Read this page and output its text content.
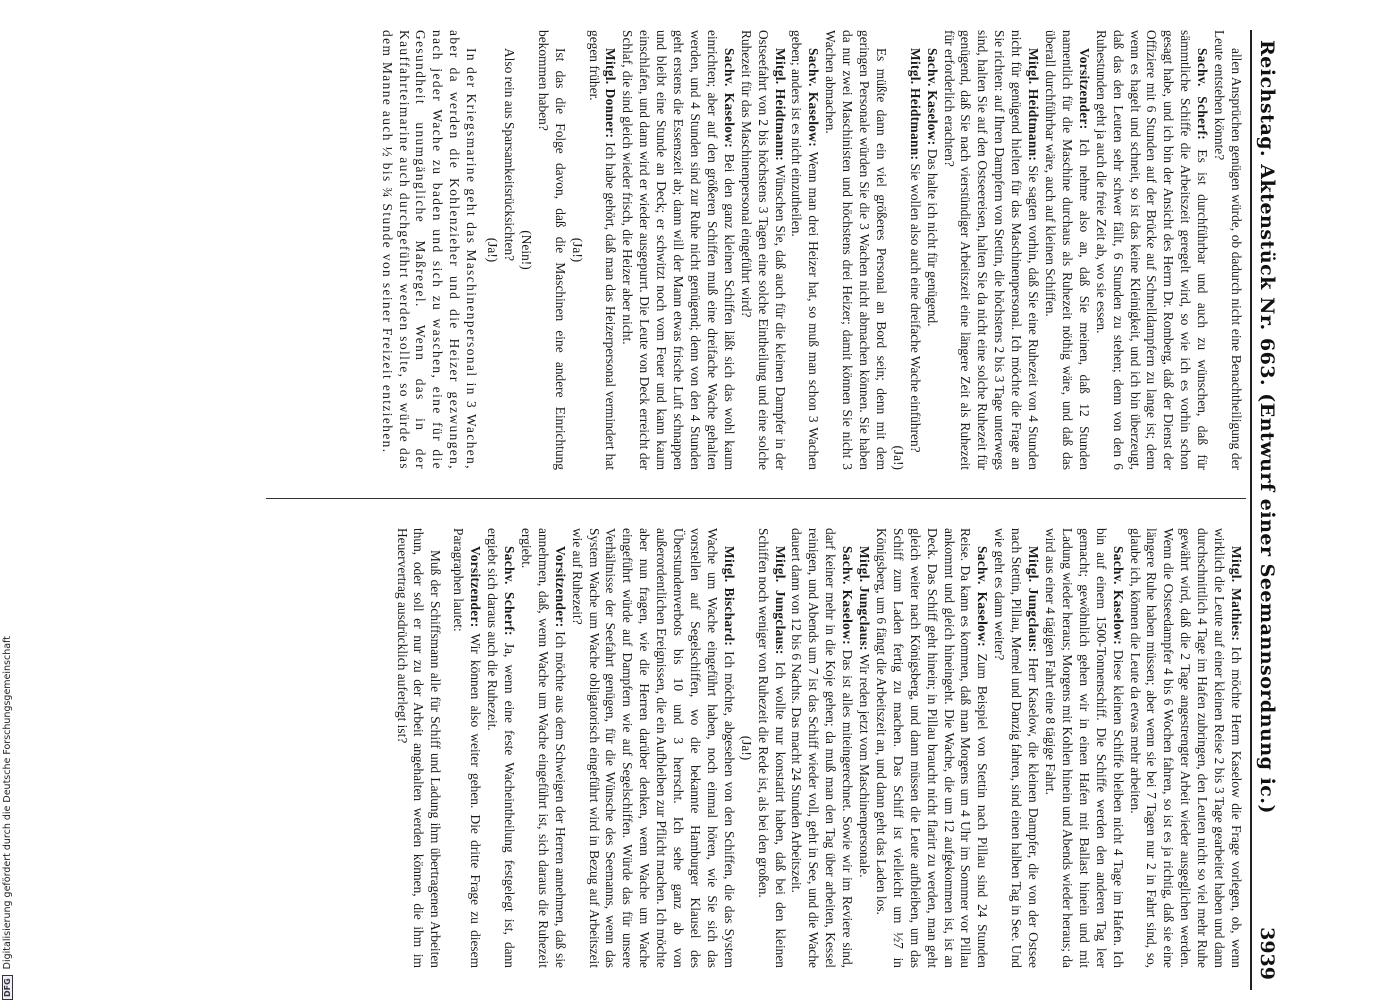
Reichstag. Aktenstück Nr. 663. (Entwurf einer Seemannsordnung ic.)
3939

allen Ansprüchen genügen würde, ob dadurch nicht eine Benachtheiligung der Leute entstehen könnte?

Sachv. Scherf: Es ist durchführbar und auch zu wünschen, daß für sämmtliche Schiffe die Arbeitszeit geregelt wird, so wie ich es vorhin schon gesagt habe, und ich bin der Ansicht des Herrn Dr. Romberg, daß der Dienst der Offiziere mit 6 Stunden auf der Brücke auf Schnelldampfern zu lange ist; denn wenn es hagelt und schneit, so ist das keine Kleinigkeit, und ich bin überzeugt, daß das den Leuten sehr schwer fällt, 6 Stunden zu stehen; denn von den 6 Ruhestunden geht ja auch die freie Zeit ab, wo sie essen.

Vorsitzender: Ich nehme also an, daß Sie meinen, daß 12 Stunden namentlich für die Maschine durchaus als Ruhezeit nöthig wäre, und daß das überall durchführbar wäre, auch auf kleinen Schiffen.

Mitgl. Heidtmann: Sie sagten vorhin, daß Sie eine Ruhezeit von 4 Stunden nicht für genügend hielten für das Maschinenpersonal. Ich möchte die Frage an Sie richten: auf Ihren Dampfern von Stettin, die höchstens 2 bis 3 Tage unterwegs sind, halten Sie auf den Ostseereisen, halten Sie da nicht eine solche Ruhezeit für genügend, daß Sie nach vierstündiger Arbeitszeit eine längere Zeit als Ruhezeit für erforderlich erachten?

Sachv. Kaselow: Das halte ich nicht für genügend.

Mitgl. Heidtmann: Sie wollen also auch eine dreifache Wache einführen?

(Ja!)

Es müßte dann ein viel größeres Personal an Bord sein; denn mit dem geringen Personale würden Sie die 3 Wachen nicht abmachen können. Sie haben da nur zwei Maschinisten und höchstens drei Heizer; damit können Sie nicht 3 Wachen abmachen.

Sachv. Kaselow: Wenn man drei Heizer hat, so muß man schon 3 Wachen geben; anders ist es nicht einzutheilen.

Mitgl. Heidtmann: Wünschen Sie, daß auch für die kleinen Dampfer in der Ostseefahrt von 2 bis höchstens 3 Tagen eine solche Eintheilung und eine solche Ruhezeit für das Maschinenpersonal eingeführt wird?

Sachv. Kaselow: Bei den ganz kleinen Schiffen läßt sich das wohl kaum einrichten; aber auf den größeren Schiffen muß eine dreifache Wache gehalten werden, und 4 Stunden sind zur Ruhe nicht genügend; denn von den 4 Stunden geht erstens die Essenszeit ab; dann will der Mann etwas frische Luft schnappen und bleibt eine Stunde an Deck; er schwitzt noch vom Feuer und kann kaum einschlafen, und dann wird er wieder ausgepurrt. Die Leute von Deck erreicht der Schlaf, die sind gleich wieder frisch, die Heizer aber nicht.

Mitgl. Donner: Ich habe gehört, daß man das Heizerpersonal vermindert hat gegen früher.

(Ja!)

Ist das die Folge davon, daß die Maschinen eine andere Einrichtung bekommen haben?

(Nein!)

Also rein aus Sparsamkeitsrücksichten?

(Ja!)

In der Kriegsmarine geht das Maschinenpersonal in 3 Wachen, aber da werden die Kohlenzieher und die Heizer gezwungen, nach jeder Wache zu baden und sich zu waschen, eine für die Gesundheit unumgängliche Maßregel. Wenn das in der Kauffahrteimarine auch durchgeführt werden sollte, so würde das dem Manne auch ½ bis ¾ Stunde von seiner Freizeit entziehen.

Mitgl. Mathies: Ich möchte Herrn Kaselow die Frage vorlegen, ob, wenn wirklich die Leute auf einer kleinen Reise 2 bis 3 Tage gearbeitet haben und dann durchschnittlich 4 Tage im Hafen zubringen, den Leuten nicht so viel mehr Ruhe gewährt wird, daß die 2 Tage angestrengter Arbeit wieder ausgeglichen werden. Wenn die Ostseedampfer 4 bis 6 Wochen fahren, so ist es ja richtig, daß sie eine längere Ruhe haben müssen; aber wenn sie bei 7 Tagen nur 2 in Fahrt sind, so, glaube ich, können die Leute da etwas mehr arbeiten.

Sachv. Kaselow: Diese kleinen Schiffe bleiben nicht 4 Tage im Hafen. Ich bin auf einem 1500-Tonnenschiff. Die Schiffe werden den anderen Tag leer gemacht; gewöhnlich gehen wir in einen Hafen mit Ballast hinein und mit Ladung wieder heraus; Morgens mit Kohlen hinein und Abends wieder heraus; da wird aus einer 4 tägigen Fahrt eine 8 tägige Fahrt.

Mitgl. Jungclaus: Herr Kaselow, die kleinen Dampfer, die von der Ostsee nach Stettin, Pillau, Memel und Danzig fahren, sind einen halben Tag in See. Und wie geht es dann weiter?

Sachv. Kaselow: Zum Beispiel von Stettin nach Pillau sind 24 Stunden Reise. Da kann es kommen, daß man Morgens um 4 Uhr im Sommer vor Pillau ankommt und gleich hineingeht. Die Wache, die um 12 aufgekommen ist, ist an Deck. Das Schiff geht hinein; in Pillau braucht nicht flarirt zu werden, man geht gleich weiter nach Königsberg, und dann müssen die Leute aufbleiben, um das Schiff zum Laden fertig zu machen. Das Schiff ist vielleicht um ½7 in Königsberg, um 6 fängt die Arbeitszeit an, und dann geht das Laden los.

Mitgl. Jungclaus: Wir reden jetzt vom Maschinenpersonale.

Sachv. Kaselow: Das ist alles miteingerechnet. Sowie wir im Reviere sind, darf keiner mehr in die Koje gehen; da muß man den Tag über arbeiten, Kessel reinigen, und Abends um 7 ist das Schiff wieder voll, geht in See, und die Wache dauert dann von 12 bis 6 Nachts. Das macht 24 Stunden Arbeitszeit.

Mitgl. Jungclaus: Ich wollte nur konstatirt haben, daß bei den kleinen Schiffen noch weniger von Ruhezeit die Rede ist, als bei den großen.

(Ja!)

Mitgl. Bischard: Ich möchte, abgesehen von den Schiffen, die das System Wache um Wache eingeführt haben, noch einmal hören, wie Sie sich das vorstellen auf Segelschiffen, wo die bekannte Hamburger Klausel des Überstundenverbots bis 10 und 3 herrscht. Ich sehe ganz ab von außerordentlichen Ereignissen, die ein Aufbleiben zur Pflicht machen. Ich möchte aber nun fragen, wie die Herren darüber denken, wenn Wache um Wache eingeführt würde auf Dampfern wie auf Segelschiffen. Würde das für unsere Verhältnisse der Seefahrt genügen, für die Wünsche des Seemanns, wenn das System Wache um Wache obligatorisch eingeführt wird in Bezug auf Arbeitszeit wie auf Ruhezeit?

Vorsitzender: Ich möchte aus dem Schweigen der Herren annehmen, daß sie annehmen, daß, wenn Wache um Wache eingeführt ist, sich daraus die Ruhezeit ergiebt.

Sachv. Scherf: Ja, wenn eine feste Wacheintheilung festgelegt ist, dann ergiebt sich daraus auch die Ruhezeit.

Vorsitzender: Wir können also weiter gehen. Die dritte Frage zu diesem Paragraphen lautet:

Muß der Schiffsmann alle für Schiff und Ladung ihm übertragenen Arbeiten thun, oder soll er nur zu der Arbeit angehalten werden können, die ihm im Heuervertrag ausdrücklich auferlegt ist?

DFGDigitalisierung gefördert durch die Deutsche Forschungsgemeinschaft
